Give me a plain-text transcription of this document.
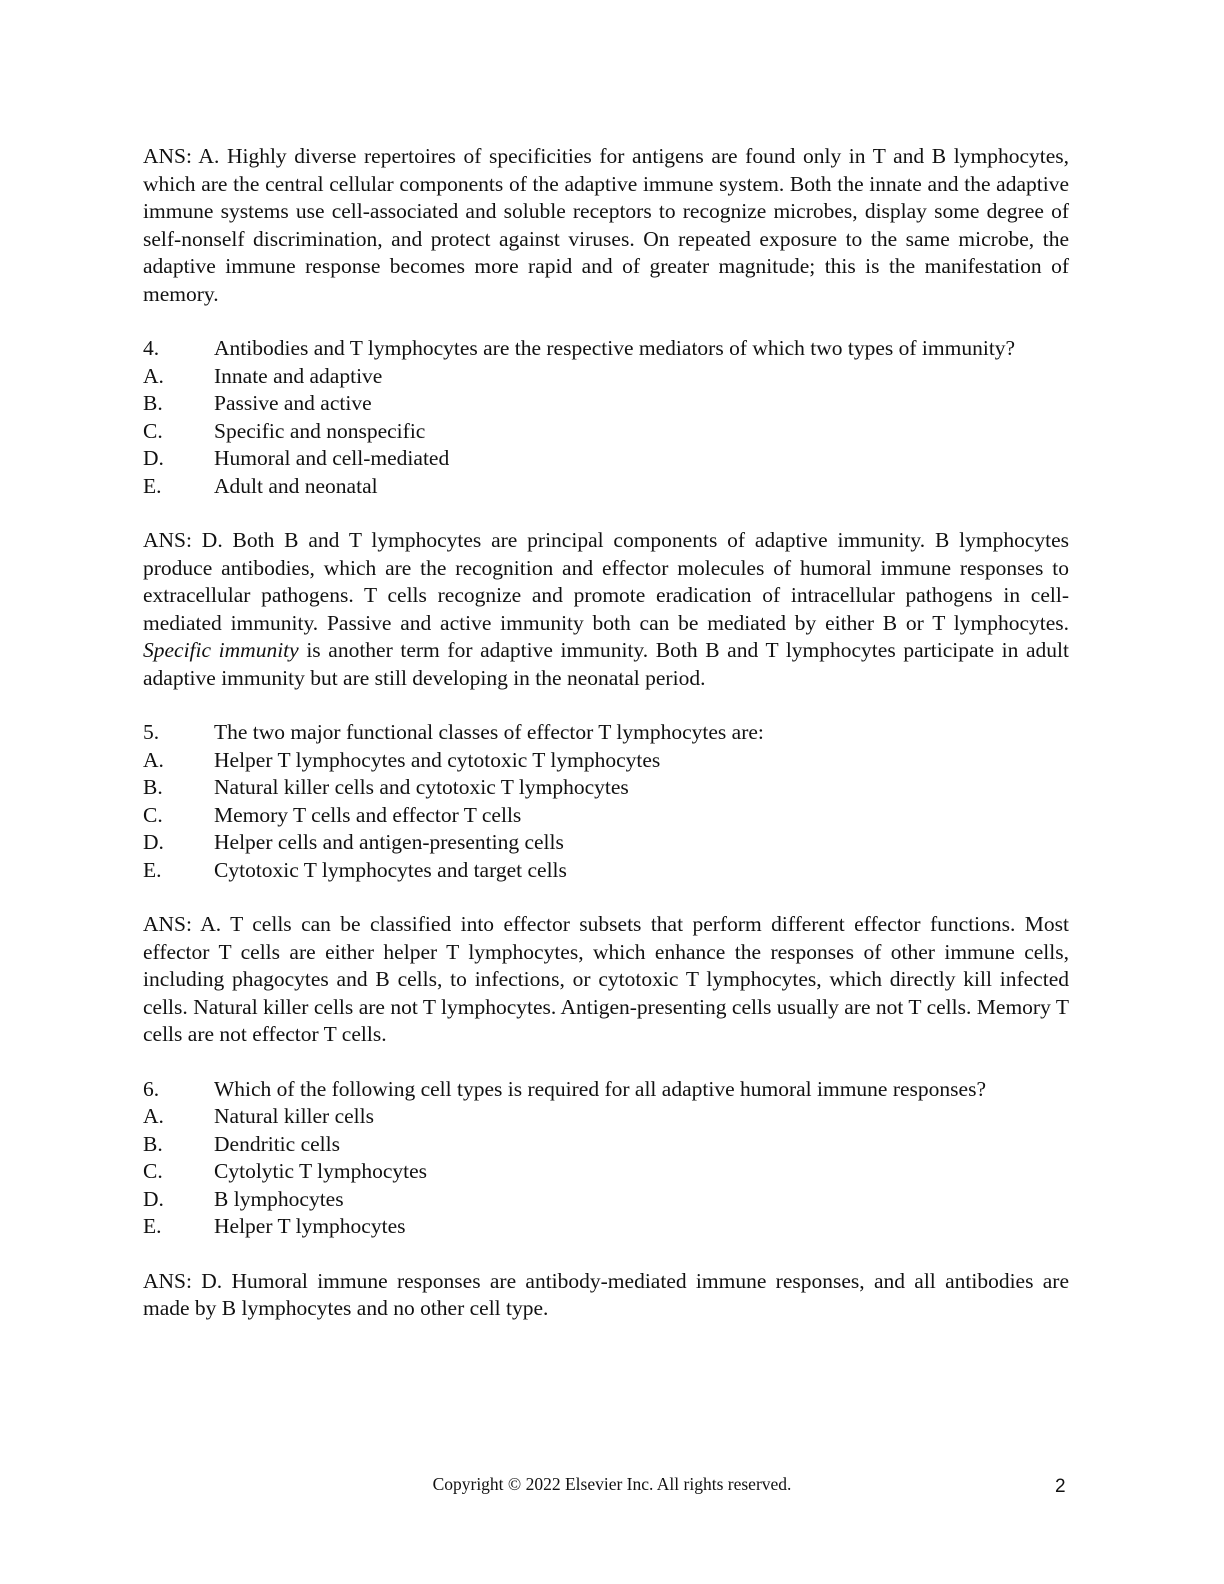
ANS: A. Highly diverse repertoires of specificities for antigens are found only in T and B lymphocytes, which are the central cellular components of the adaptive immune system. Both the innate and the adaptive immune systems use cell-associated and soluble receptors to recognize microbes, display some degree of self-nonself discrimination, and protect against viruses. On repeated exposure to the same microbe, the adaptive immune response becomes more rapid and of greater magnitude; this is the manifestation of memory.

4.	Antibodies and T lymphocytes are the respective mediators of which two types of immunity?
A.	Innate and adaptive
B.	Passive and active
C.	Specific and nonspecific
D.	Humoral and cell-mediated
E.	Adult and neonatal

ANS: D. Both B and T lymphocytes are principal components of adaptive immunity. B lymphocytes produce antibodies, which are the recognition and effector molecules of humoral immune responses to extracellular pathogens. T cells recognize and promote eradication of intracellular pathogens in cell-mediated immunity. Passive and active immunity both can be mediated by either B or T lymphocytes. Specific immunity is another term for adaptive immunity. Both B and T lymphocytes participate in adult adaptive immunity but are still developing in the neonatal period.

5.	The two major functional classes of effector T lymphocytes are:
A.	Helper T lymphocytes and cytotoxic T lymphocytes
B.	Natural killer cells and cytotoxic T lymphocytes
C.	Memory T cells and effector T cells
D.	Helper cells and antigen-presenting cells
E.	Cytotoxic T lymphocytes and target cells

ANS: A. T cells can be classified into effector subsets that perform different effector functions. Most effector T cells are either helper T lymphocytes, which enhance the responses of other immune cells, including phagocytes and B cells, to infections, or cytotoxic T lymphocytes, which directly kill infected cells. Natural killer cells are not T lymphocytes. Antigen-presenting cells usually are not T cells. Memory T cells are not effector T cells.

6.	Which of the following cell types is required for all adaptive humoral immune responses?
A.	Natural killer cells
B.	Dendritic cells
C.	Cytolytic T lymphocytes
D.	B lymphocytes
E.	Helper T lymphocytes

ANS: D. Humoral immune responses are antibody-mediated immune responses, and all antibodies are made by B lymphocytes and no other cell type.

Copyright © 2022 Elsevier Inc. All rights reserved.	2
